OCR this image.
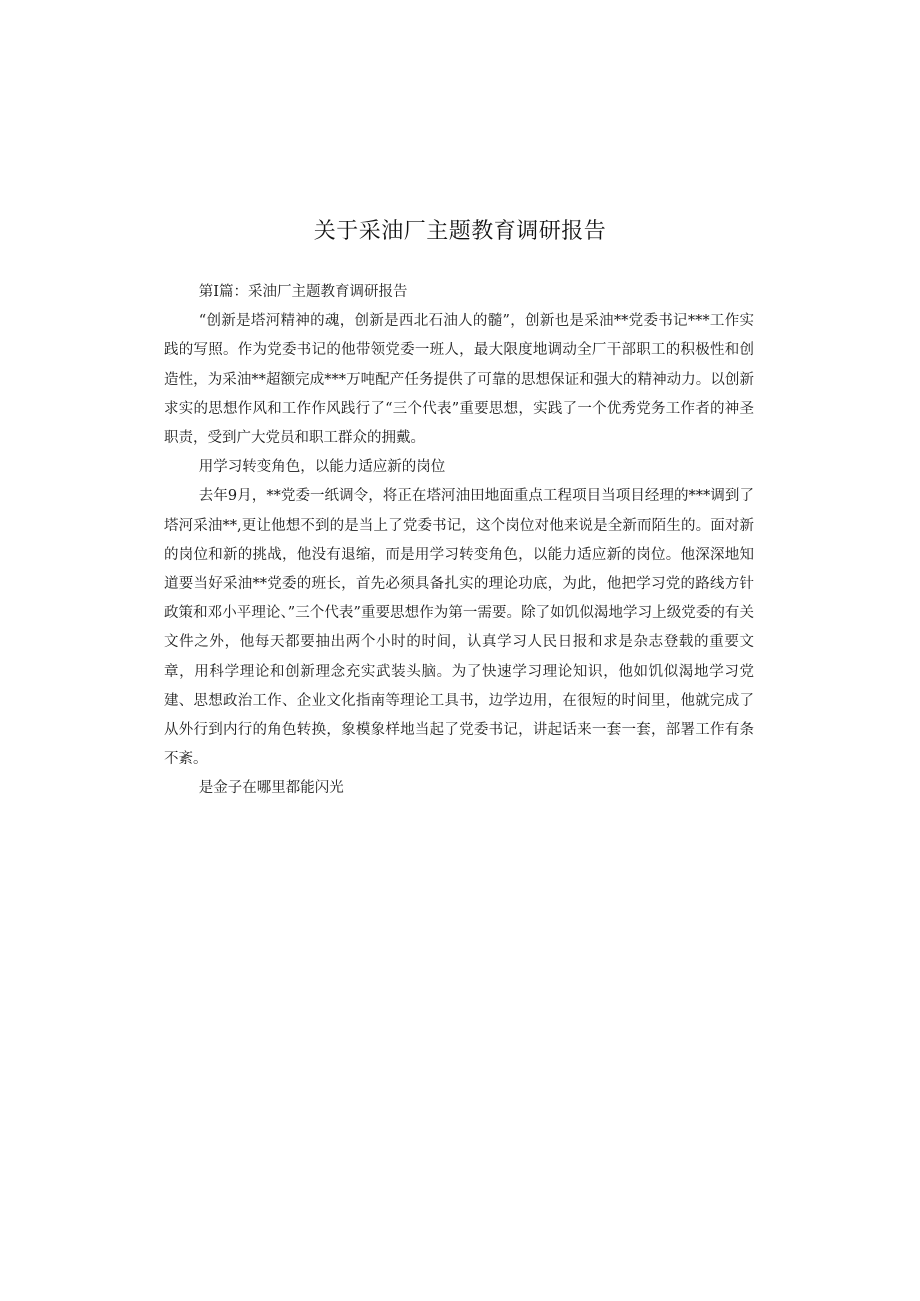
关于采油厂主题教育调研报告

第Ⅰ篇：采油厂主题教育调研报告

“创新是塔河精神的魂，创新是西北石油人的髓”，创新也是采油**党委书记***工作实践的写照。作为党委书记的他带领党委一班人，最大限度地调动全厂干部职工的积极性和创造性，为采油**超额完成***万吨配产任务提供了可靠的思想保证和强大的精神动力。以创新求实的思想作风和工作作风践行了“三个代表”重要思想，实践了一个优秀党务工作者的神圣职责，受到广大党员和职工群众的拥戴。

用学习转变角色，以能力适应新的岗位

去年9月，**党委一纸调令，将正在塔河油田地面重点工程项目当项目经理的***调到了塔河采油**,更让他想不到的是当上了党委书记，这个岗位对他来说是全新而陌生的。面对新的岗位和新的挑战，他没有退缩，而是用学习转变角色，以能力适应新的岗位。他深深地知道要当好采油**党委的班长，首先必须具备扎实的理论功底，为此，他把学习党的路线方针政策和邓小平理论、”三个代表”重要思想作为第一需要。除了如饥似渴地学习上级党委的有关文件之外，他每天都要抽出两个小时的时间，认真学习人民日报和求是杂志登载的重要文章，用科学理论和创新理念充实武装头脑。为了快速学习理论知识，他如饥似渴地学习党建、思想政治工作、企业文化指南等理论工具书，边学边用，在很短的时间里，他就完成了从外行到内行的角色转换，象模象样地当起了党委书记，讲起话来一套一套，部署工作有条不紊。

是金子在哪里都能闪光
